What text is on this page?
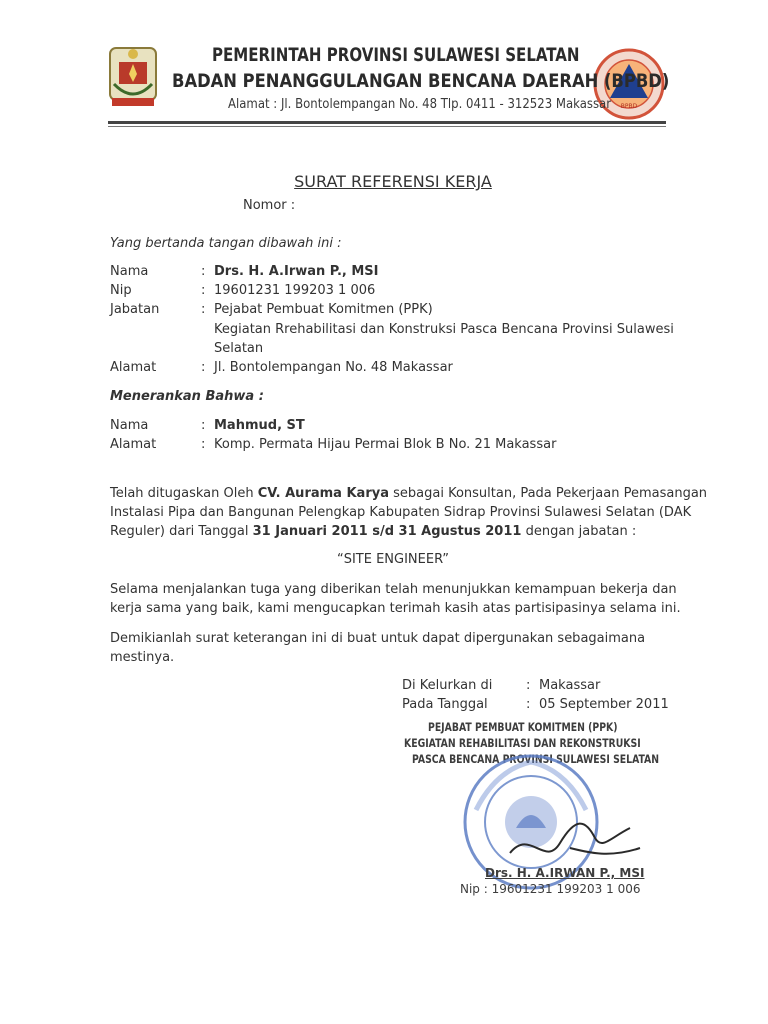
BPBD
PEMERINTAH PROVINSI SULAWESI SELATAN
BADAN PENANGGULANGAN BENCANA DAERAH (BPBD)
Alamat : Jl. Bontolempangan No. 48 Tlp. 0411 - 312523 Makassar
SURAT REFERENSI KERJA
Nomor :
Yang bertanda tangan dibawah ini :
Nama	: Drs. H. A.Irwan P., MSI
Nip	: 19601231 199203 1 006
Jabatan	: Pejabat Pembuat Komitmen (PPK)
Kegiatan Rrehabilitasi dan Konstruksi Pasca Bencana Provinsi Sulawesi
Selatan
Alamat	: Jl. Bontolempangan No. 48 Makassar
Menerankan Bahwa :
Nama	: Mahmud, ST
Alamat	: Komp. Permata Hijau Permai Blok B No. 21 Makassar
Telah ditugaskan Oleh CV. Aurama Karya sebagai Konsultan, Pada Pekerjaan Pemasangan
Instalasi Pipa dan Bangunan Pelengkap Kabupaten Sidrap Provinsi Sulawesi Selatan (DAK
Reguler) dari Tanggal 31 Januari 2011 s/d 31 Agustus 2011 dengan jabatan :
“SITE ENGINEER”
Selama menjalankan tuga yang diberikan telah menunjukkan kemampuan bekerja dan
kerja sama yang baik, kami mengucapkan terimah kasih atas partisipasinya selama ini.
Demikianlah surat keterangan ini di buat untuk dapat dipergunakan sebagaimana
mestinya.
Di Kelurkan di	: Makassar
Pada Tanggal	: 05 September 2011
PEJABAT PEMBUAT KOMITMEN (PPK)
KEGIATAN REHABILITASI DAN REKONSTRUKSI
PASCA BENCANA PROVINSI SULAWESI SELATAN
Drs. H. A.IRWAN P., MSI
Nip : 19601231 199203 1 006
